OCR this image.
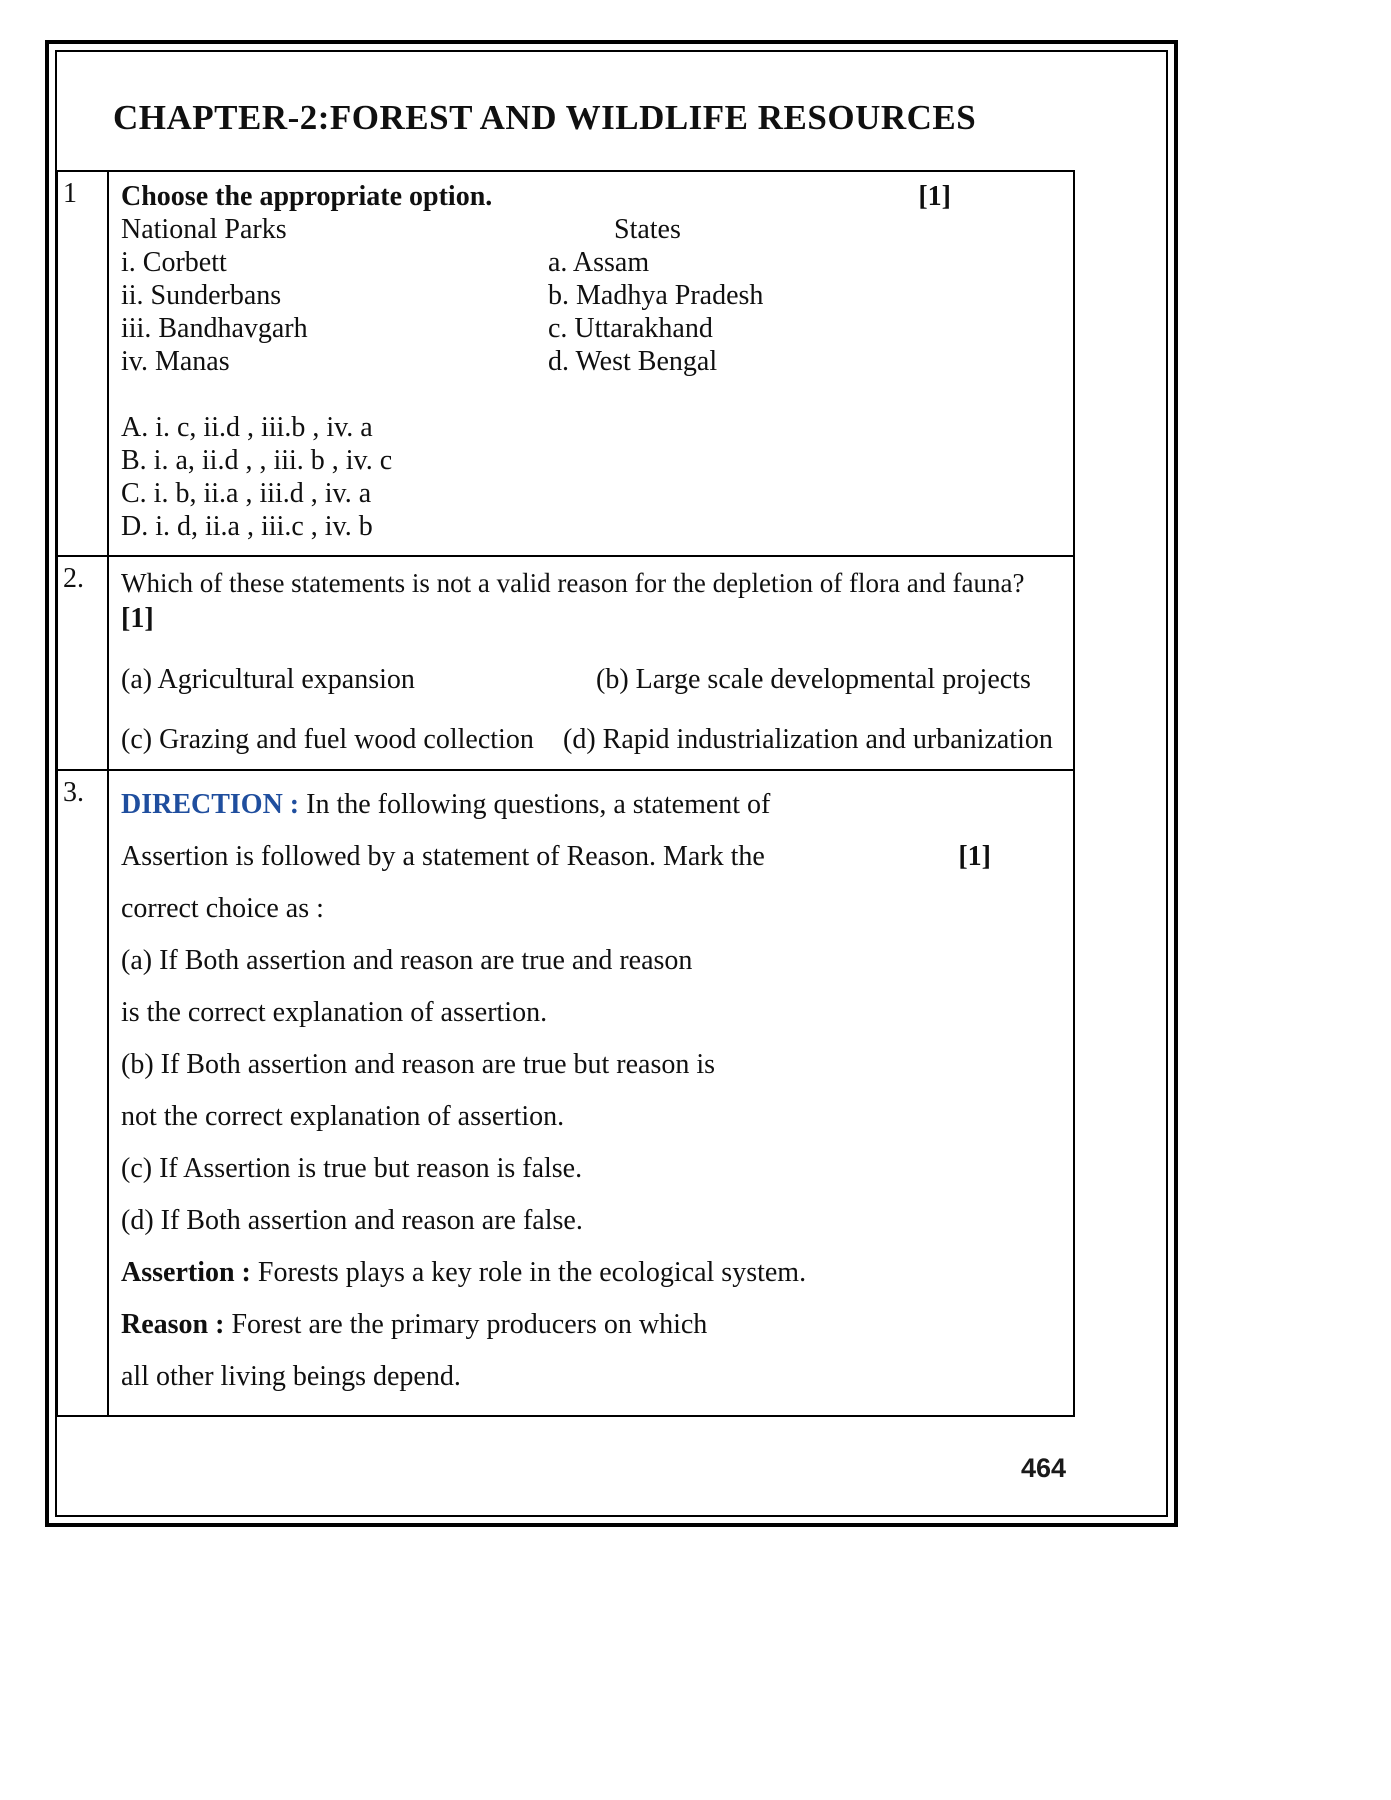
CHAPTER-2:FOREST AND WILDLIFE RESOURCES
1	Choose the appropriate option.	[1]
National Parks	States
i. Corbett	a. Assam
ii. Sunderbans	b. Madhya Pradesh
iii. Bandhavgarh	c. Uttarakhand
iv. Manas	d. West Bengal
A. i. c, ii.d , iii.b , iv. a
B. i. a, ii.d , , iii. b , iv. c
C. i. b, ii.a , iii.d , iv. a
D. i. d, ii.a , iii.c , iv. b

2.	Which of these statements is not a valid reason for the depletion of flora and fauna?
[1]
(a) Agricultural expansion	(b) Large scale developmental projects
(c) Grazing and fuel wood collection	(d) Rapid industrialization and urbanization

3.	DIRECTION : In the following questions, a statement of
Assertion is followed by a statement of Reason. Mark the	[1]
correct choice as :
(a) If Both assertion and reason are true and reason
is the correct explanation of assertion.
(b) If Both assertion and reason are true but reason is
not the correct explanation of assertion.
(c) If Assertion is true but reason is false.
(d) If Both assertion and reason are false.
Assertion : Forests plays a key role in the ecological system.
Reason : Forest are the primary producers on which
all other living beings depend.
464
